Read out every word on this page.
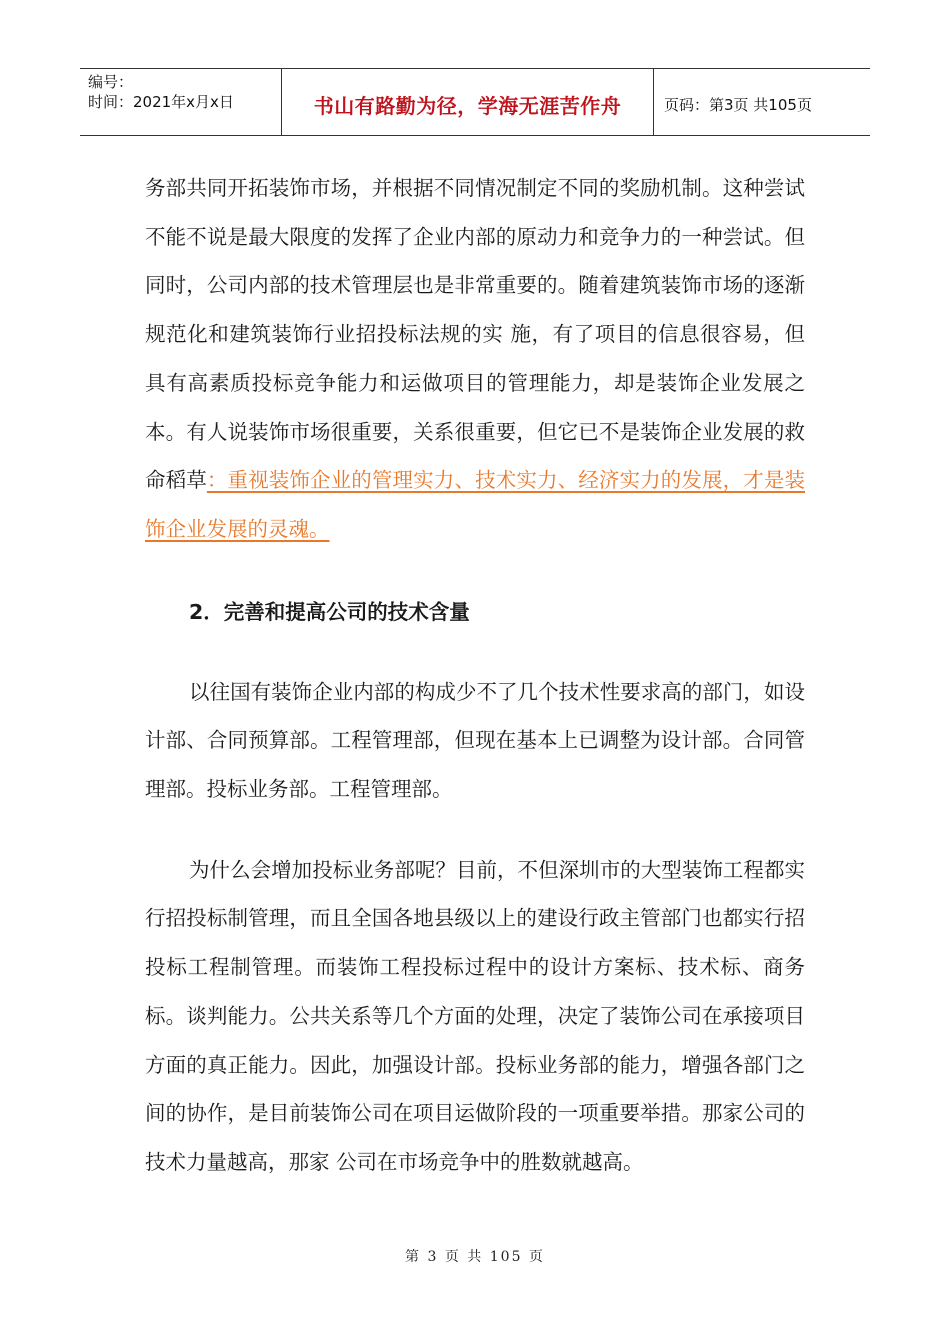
编号：
时间：2021年x月x日	书山有路勤为径，学海无涯苦作舟	页码：第3页 共105页

务部共同开拓装饰市场，并根据不同情况制定不同的奖励机制。这种尝试不能不说是最大限度的发挥了企业内部的原动力和竞争力的一种尝试。但同时，公司内部的技术管理层也是非常重要的。随着建筑装饰市场的逐渐规范化和建筑装饰行业招投标法规的实 施，有了项目的信息很容易，但具有高素质投标竞争能力和运做项目的管理能力，却是装饰企业发展之本。有人说装饰市场很重要，关系很重要，但它已不是装饰企业发展的救命稻草：重视装饰企业的管理实力、技术实力、经济实力的发展，才是装饰企业发展的灵魂。

2．完善和提高公司的技术含量

以往国有装饰企业内部的构成少不了几个技术性要求高的部门，如设计部、合同预算部。工程管理部，但现在基本上已调整为设计部。合同管理部。投标业务部。工程管理部。

为什么会增加投标业务部呢？目前，不但深圳市的大型装饰工程都实行招投标制管理，而且全国各地县级以上的建设行政主管部门也都实行招投标工程制管理。而装饰工程投标过程中的设计方案标、技术标、商务标。谈判能力。公共关系等几个方面的处理，决定了装饰公司在承接项目方面的真正能力。因此，加强设计部。投标业务部的能力，增强各部门之间的协作，是目前装饰公司在项目运做阶段的一项重要举措。那家公司的技术力量越高，那家 公司在市场竞争中的胜数就越高。

第 3 页 共 105 页
